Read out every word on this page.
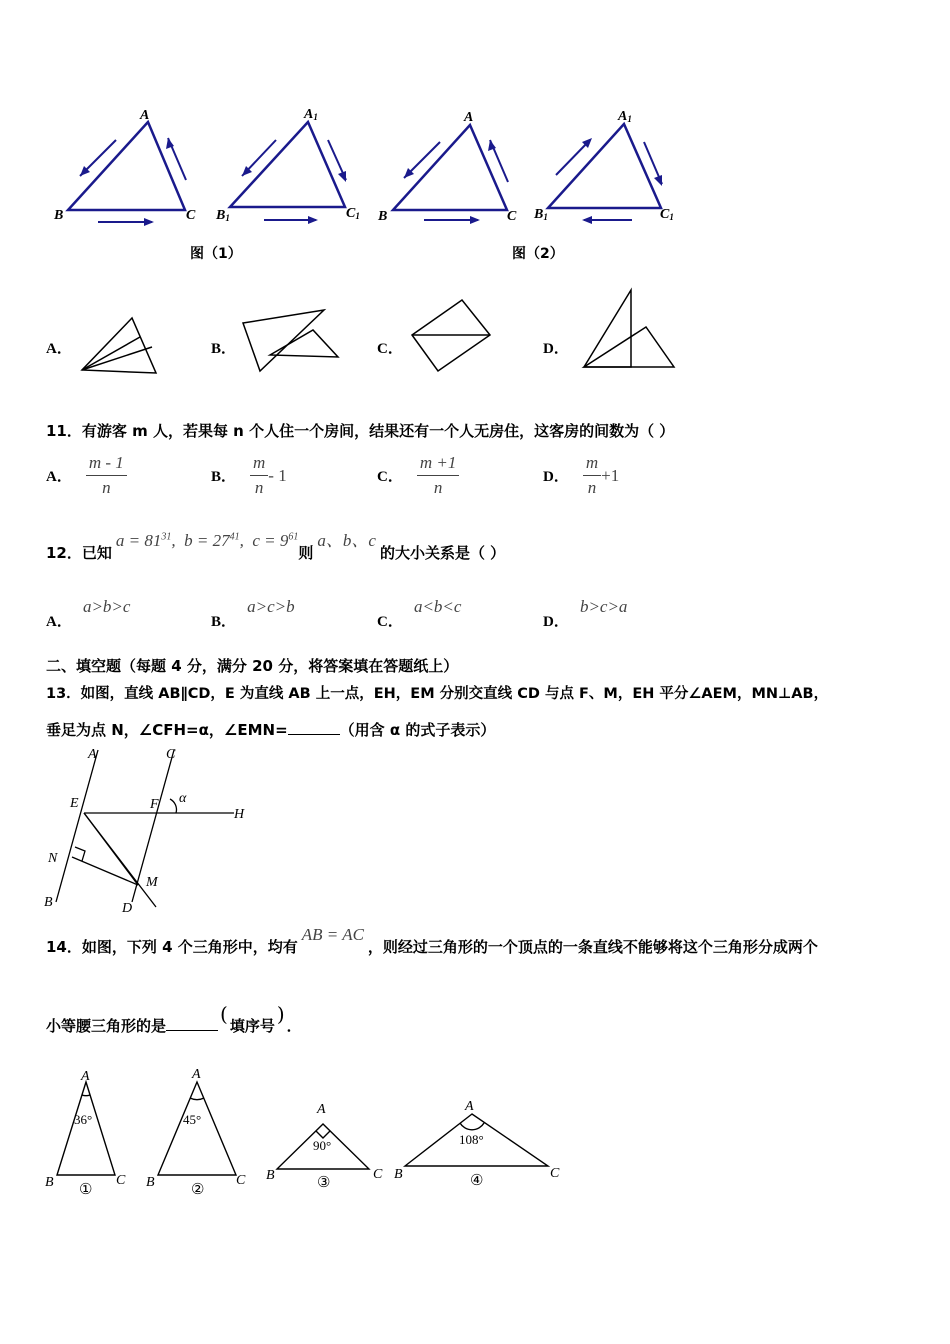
A
B	C
A1
B1	C1
A
B	C
A1
B1	C1
图（1）	图（2）
A．	B．	C．	D．
11．有游客 m 人，若果每 n 个人住一个房间，结果还有一个人无房住，这客房的间数为（ ）
A． $\frac{m - 1}{n}$	B． $\frac{m}{n} - 1$	C． $\frac{m +1}{n}$	D． $\frac{m}{n} +1$
12．已知
$a = 81^{31}$,  $b = 27^{41}$,  $c = 9^{61}$
则
a、b、c
的大小关系是（ ）
A． a>b>c
B． a>c>b
C． a<b<c
D． b>c>a
二、填空题（每题 4 分，满分 20 分，将答案填在答题纸上）
13．如图，直线 AB∥CD，E 为直线 AB 上一点，EH，EM 分别交直线 CD 与点 F、M，EH 平分∠AEM，MN⊥AB，
垂足为点 N，∠CFH=α，∠EMN=	（用含 α 的式子表示）
A	C
E	F α
H
N
M
B	D
14．如图，下列 4 个三角形中，均有
AB = AC
，则经过三角形的一个顶点的一条直线不能够将这个三角形分成两个
小等腰三角形的是	( 填序号 ) ．
A
B	C
A
B	C
A
B	C
A
B	C
36°	45°
90°	108°
①	②	③	④
